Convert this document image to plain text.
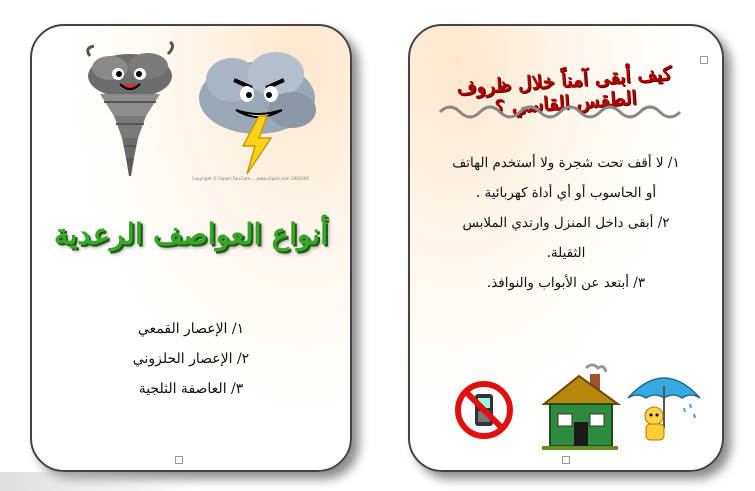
Copyright © Clipart Fun.Com ... www.clipart.com 19/03/06
أنواع العواصف الرعدية
١/ الإعصار القمعي
٢/ الإعصار الحلزوني
٣/ العاصفة الثلجية
كيف أبقى آمناً خلال ظروف الطقس القاسي ؟
١/ لا أقف تحت شجرة ولا أستخدم الهاتف
أو الحاسوب أو أي أداة كهربائية .
٢/ أبقى داخل المنزل وارتدي الملابس
الثقيلة.
٣/ أبتعد عن الأبواب والنوافذ.
